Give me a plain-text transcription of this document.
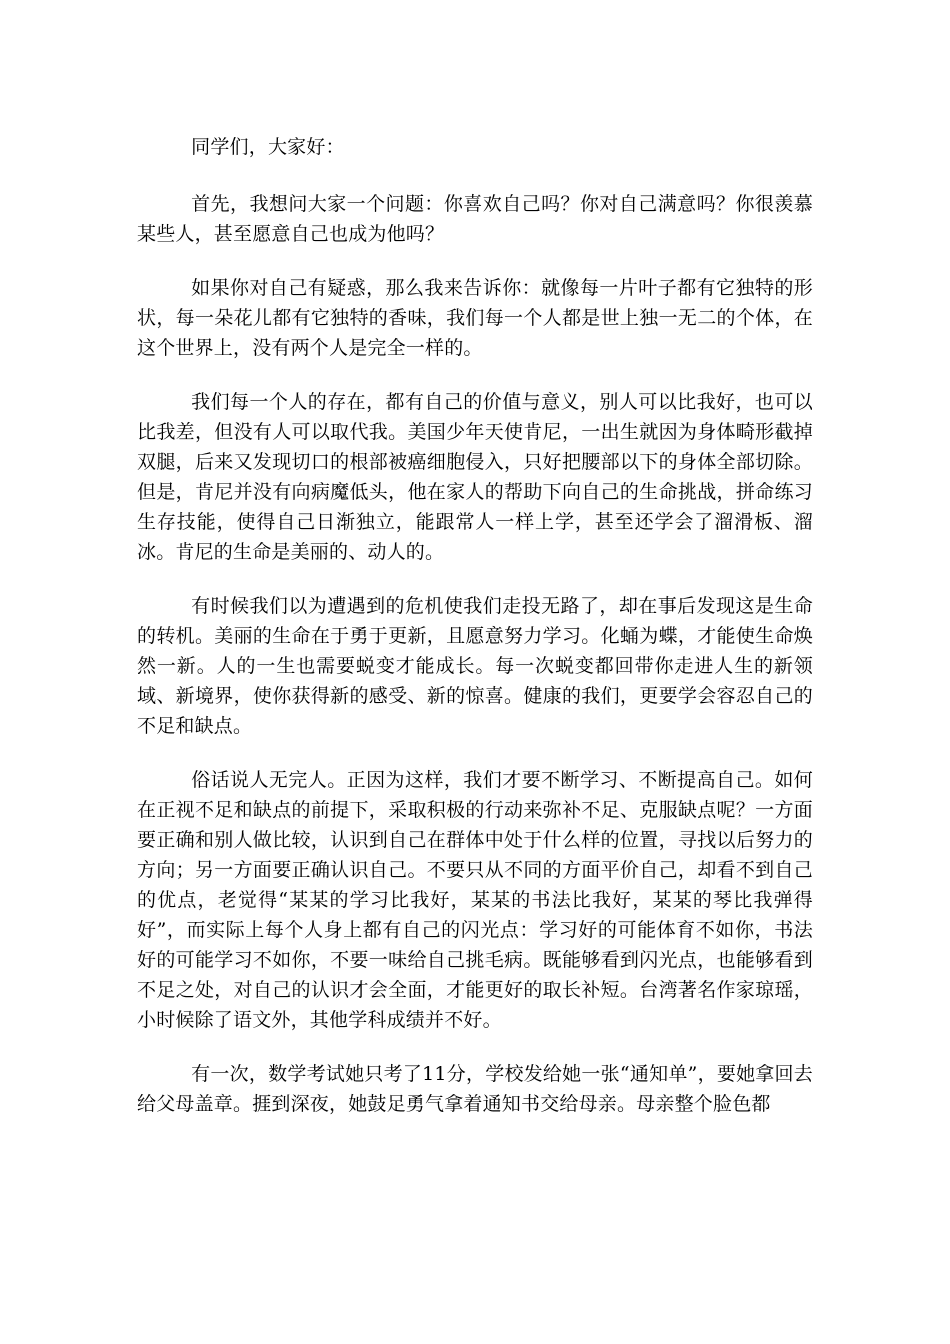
同学们，大家好：

首先，我想问大家一个问题：你喜欢自己吗？你对自己满意吗？你很羡慕某些人，甚至愿意自己也成为他吗？

如果你对自己有疑惑，那么我来告诉你：就像每一片叶子都有它独特的形状，每一朵花儿都有它独特的香味，我们每一个人都是世上独一无二的个体，在这个世界上，没有两个人是完全一样的。

我们每一个人的存在，都有自己的价值与意义，别人可以比我好，也可以比我差，但没有人可以取代我。美国少年天使肯尼，一出生就因为身体畸形截掉双腿，后来又发现切口的根部被癌细胞侵入，只好把腰部以下的身体全部切除。但是，肯尼并没有向病魔低头，他在家人的帮助下向自己的生命挑战，拼命练习生存技能，使得自己日渐独立，能跟常人一样上学，甚至还学会了溜滑板、溜冰。肯尼的生命是美丽的、动人的。

有时候我们以为遭遇到的危机使我们走投无路了，却在事后发现这是生命的转机。美丽的生命在于勇于更新，且愿意努力学习。化蛹为蝶，才能使生命焕然一新。人的一生也需要蜕变才能成长。每一次蜕变都回带你走进人生的新领域、新境界，使你获得新的感受、新的惊喜。健康的我们，更要学会容忍自己的不足和缺点。

俗话说人无完人。正因为这样，我们才要不断学习、不断提高自己。如何在正视不足和缺点的前提下，采取积极的行动来弥补不足、克服缺点呢？一方面要正确和别人做比较，认识到自己在群体中处于什么样的位置，寻找以后努力的方向；另一方面要正确认识自己。不要只从不同的方面平价自己，却看不到自己的优点，老觉得“某某的学习比我好，某某的书法比我好，某某的琴比我弹得好”，而实际上每个人身上都有自己的闪光点：学习好的可能体育不如你，书法好的可能学习不如你，不要一味给自己挑毛病。既能够看到闪光点，也能够看到不足之处，对自己的认识才会全面，才能更好的取长补短。台湾著名作家琼瑶，小时候除了语文外，其他学科成绩并不好。

有一次，数学考试她只考了11分，学校发给她一张“通知单”，要她拿回去给父母盖章。捱到深夜，她鼓足勇气拿着通知书交给母亲。母亲整个脸色都
